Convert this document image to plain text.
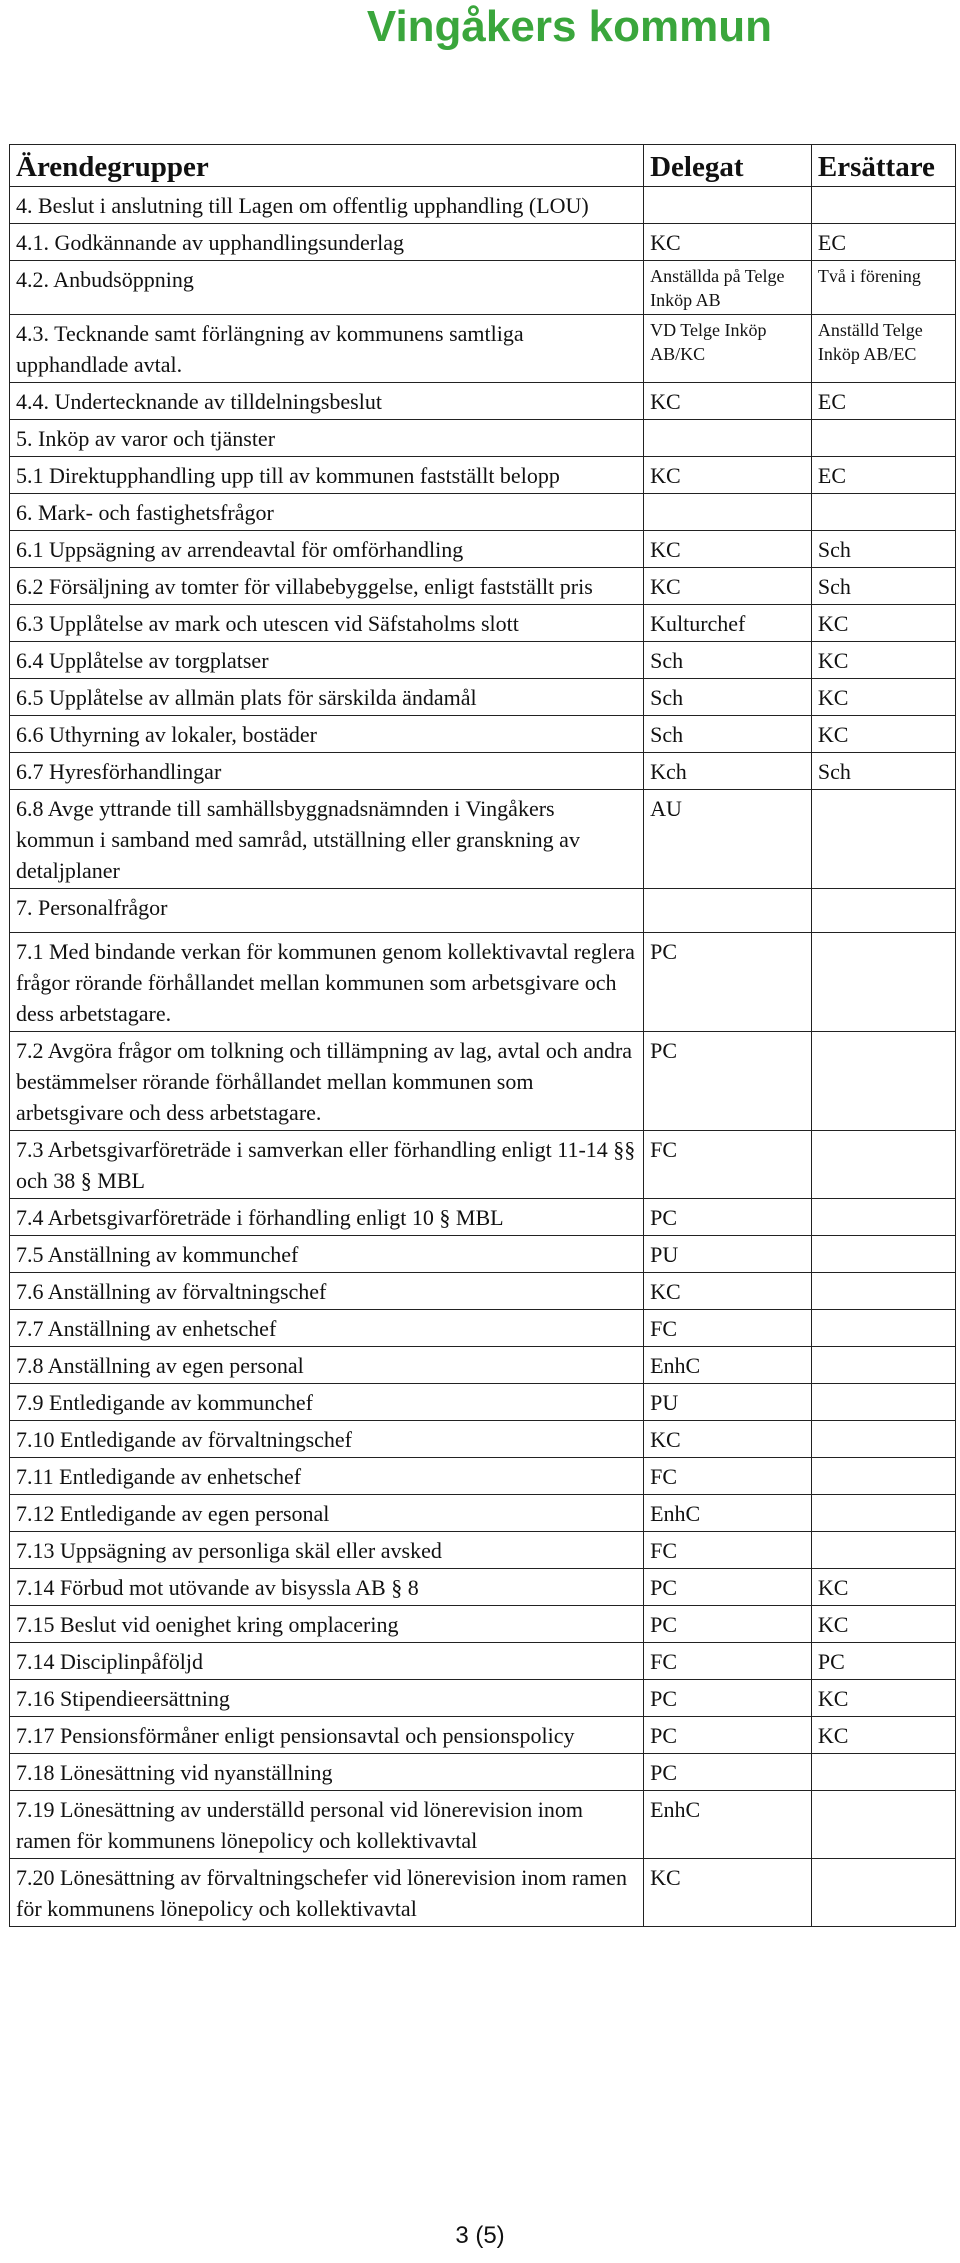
Vingåkers kommun
Ärendegrupper	Delegat	Ersättare
4. Beslut i anslutning till Lagen om offentlig upphandling (LOU)		
4.1. Godkännande av upphandlingsunderlag	KC	EC
4.2. Anbudsöppning	Anställda på Telge Inköp AB	Två i förening
4.3. Tecknande samt förlängning av kommunens samtliga upphandlade avtal.	VD Telge Inköp AB/KC	Anställd Telge Inköp AB/EC
4.4. Undertecknande av tilldelningsbeslut	KC	EC
5. Inköp av varor och tjänster		
5.1 Direktupphandling upp till av kommunen fastställt belopp	KC	EC
6. Mark- och fastighetsfrågor		
6.1 Uppsägning av arrendeavtal för omförhandling	KC	Sch
6.2 Försäljning av tomter för villabebyggelse, enligt fastställt pris	KC	Sch
6.3 Upplåtelse av mark och utescen vid Säfstaholms slott	Kulturchef	KC
6.4 Upplåtelse av torgplatser	Sch	KC
6.5 Upplåtelse av allmän plats för särskilda ändamål	Sch	KC
6.6 Uthyrning av lokaler, bostäder	Sch	KC
6.7 Hyresförhandlingar	Kch	Sch
6.8 Avge yttrande till samhällsbyggnadsnämnden i Vingåkers kommun i samband med samråd, utställning eller granskning av detaljplaner	AU	
7. Personalfrågor		
7.1 Med bindande verkan för kommunen genom kollektivavtal reglera frågor rörande förhållandet mellan kommunen som arbetsgivare och dess arbetstagare.	PC	
7.2 Avgöra frågor om tolkning och tillämpning av lag, avtal och andra bestämmelser rörande förhållandet mellan kommunen som arbetsgivare och dess arbetstagare.	PC	
7.3 Arbetsgivarföreträde i samverkan eller förhandling enligt 11-14 §§ och 38 § MBL	FC	
7.4 Arbetsgivarföreträde i förhandling enligt 10 § MBL	PC	
7.5 Anställning av kommunchef	PU	
7.6 Anställning av förvaltningschef	KC	
7.7 Anställning av enhetschef	FC	
7.8 Anställning av egen personal	EnhC	
7.9 Entledigande av kommunchef	PU	
7.10 Entledigande av förvaltningschef	KC	
7.11 Entledigande av enhetschef	FC	
7.12 Entledigande av egen personal	EnhC	
7.13 Uppsägning av personliga skäl eller avsked	FC	
7.14 Förbud mot utövande av bisyssla AB § 8	PC	KC
7.15 Beslut vid oenighet kring omplacering	PC	KC
7.14 Disciplinpåföljd	FC	PC
7.16 Stipendieersättning	PC	KC
7.17 Pensionsförmåner enligt pensionsavtal och pensionspolicy	PC	KC
7.18 Lönesättning vid nyanställning	PC	
7.19 Lönesättning av underställd personal vid lönerevision inom ramen för kommunens lönepolicy och kollektivavtal	EnhC	
7.20 Lönesättning av förvaltningschefer vid lönerevision inom ramen för kommunens lönepolicy och kollektivavtal	KC	
3 (5)
